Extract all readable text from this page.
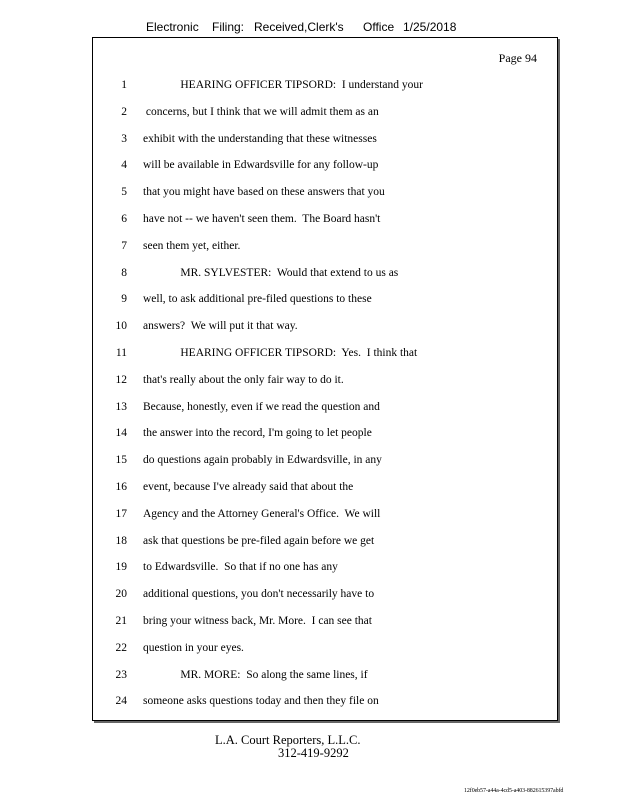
Electronic Filing: Received,Clerk's Office 1/25/2018
Page 94
1 HEARING OFFICER TIPSORD:  I understand your
2 concerns, but I think that we will admit them as an
3 exhibit with the understanding that these witnesses
4 will be available in Edwardsville for any follow-up
5 that you might have based on these answers that you
6 have not -- we haven't seen them.  The Board hasn't
7 seen them yet, either.
8 MR. SYLVESTER:  Would that extend to us as
9 well, to ask additional pre-filed questions to these
10 answers?  We will put it that way.
11 HEARING OFFICER TIPSORD:  Yes.  I think that
12 that's really about the only fair way to do it.
13 Because, honestly, even if we read the question and
14 the answer into the record, I'm going to let people
15 do questions again probably in Edwardsville, in any
16 event, because I've already said that about the
17 Agency and the Attorney General's Office.  We will
18 ask that questions be pre-filed again before we get
19 to Edwardsville.  So that if no one has any
20 additional questions, you don't necessarily have to
21 bring your witness back, Mr. More.  I can see that
22 question in your eyes.
23 MR. MORE:  So along the same lines, if
24 someone asks questions today and then they file on
L.A. Court Reporters, L.L.C.
312-419-9292
12f0eb57-a44a-4cd5-a403-882615397abfd
